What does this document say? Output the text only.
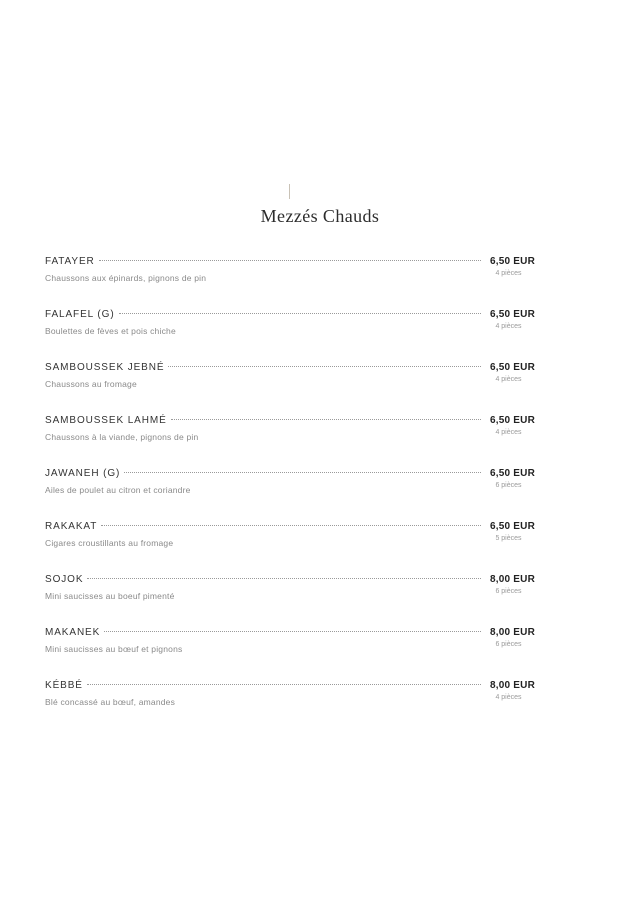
Mezzés Chauds
FATAYER	6,50 EUR
Chaussons aux épinards, pignons de pin	4 pièces
FALAFEL (G)	6,50 EUR
Boulettes de fèves et pois chiche	4 pièces
SAMBOUSSEK JEBNÉ	6,50 EUR
Chaussons au fromage	4 pièces
SAMBOUSSEK LAHMÉ	6,50 EUR
Chaussons à la viande, pignons de pin	4 pièces
JAWANEH (G)	6,50 EUR
Ailes de poulet au citron et coriandre	6 pièces
RAKAKAT	6,50 EUR
Cigares croustillants au fromage	5 pièces
SOJOK	8,00 EUR
Mini saucisses au boeuf pimenté	6 pièces
MAKANEK	8,00 EUR
Mini saucisses au bœuf et pignons	6 pièces
KÉBBÉ	8,00 EUR
Blé concassé au bœuf, amandes	4 pièces
